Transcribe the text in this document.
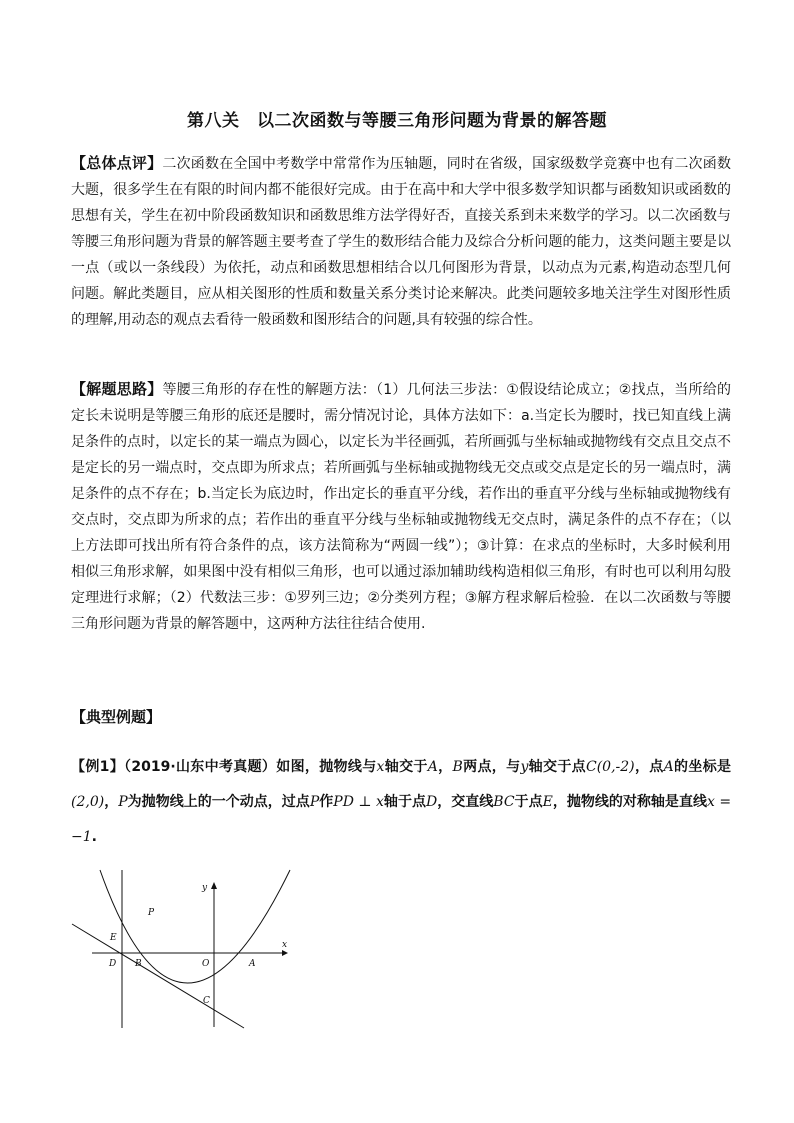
第八关　以二次函数与等腰三角形问题为背景的解答题
【总体点评】二次函数在全国中考数学中常常作为压轴题，同时在省级，国家级数学竞赛中也有二次函数大题，很多学生在有限的时间内都不能很好完成。由于在高中和大学中很多数学知识都与函数知识或函数的思想有关，学生在初中阶段函数知识和函数思维方法学得好否，直接关系到未来数学的学习。以二次函数与等腰三角形问题为背景的解答题主要考查了学生的数形结合能力及综合分析问题的能力，这类问题主要是以一点（或以一条线段）为依托，动点和函数思想相结合以几何图形为背景，以动点为元素,构造动态型几何问题。解此类题目，应从相关图形的性质和数量关系分类讨论来解决。此类问题较多地关注学生对图形性质的理解,用动态的观点去看待一般函数和图形结合的问题,具有较强的综合性。
【解题思路】等腰三角形的存在性的解题方法：（1）几何法三步法：①假设结论成立；②找点，当所给的定长未说明是等腰三角形的底还是腰时，需分情况讨论，具体方法如下：a.当定长为腰时，找已知直线上满足条件的点时，以定长的某一端点为圆心，以定长为半径画弧，若所画弧与坐标轴或抛物线有交点且交点不是定长的另一端点时，交点即为所求点；若所画弧与坐标轴或抛物线无交点或交点是定长的另一端点时，满足条件的点不存在；b.当定长为底边时，作出定长的垂直平分线，若作出的垂直平分线与坐标轴或抛物线有交点时，交点即为所求的点；若作出的垂直平分线与坐标轴或抛物线无交点时，满足条件的点不存在；（以上方法即可找出所有符合条件的点，该方法简称为“两圆一线”）；③计算：在求点的坐标时，大多时候利用相似三角形求解，如果图中没有相似三角形，也可以通过添加辅助线构造相似三角形，有时也可以利用勾股定理进行求解；（2）代数法三步：①罗列三边；②分类列方程；③解方程求解后检验．在以二次函数与等腰三角形问题为背景的解答题中，这两种方法往往结合使用.
【典型例题】
【例1】（2019·山东中考真题）如图，抛物线与x轴交于A，B两点，与y轴交于点C(0,-2)，点A的坐标是(2,0)，P为抛物线上的一个动点，过点P作PD ⊥ x轴于点D，交直线BC于点E，抛物线的对称轴是直线x = −1.
P
E
D B	O	A
C
x
y
